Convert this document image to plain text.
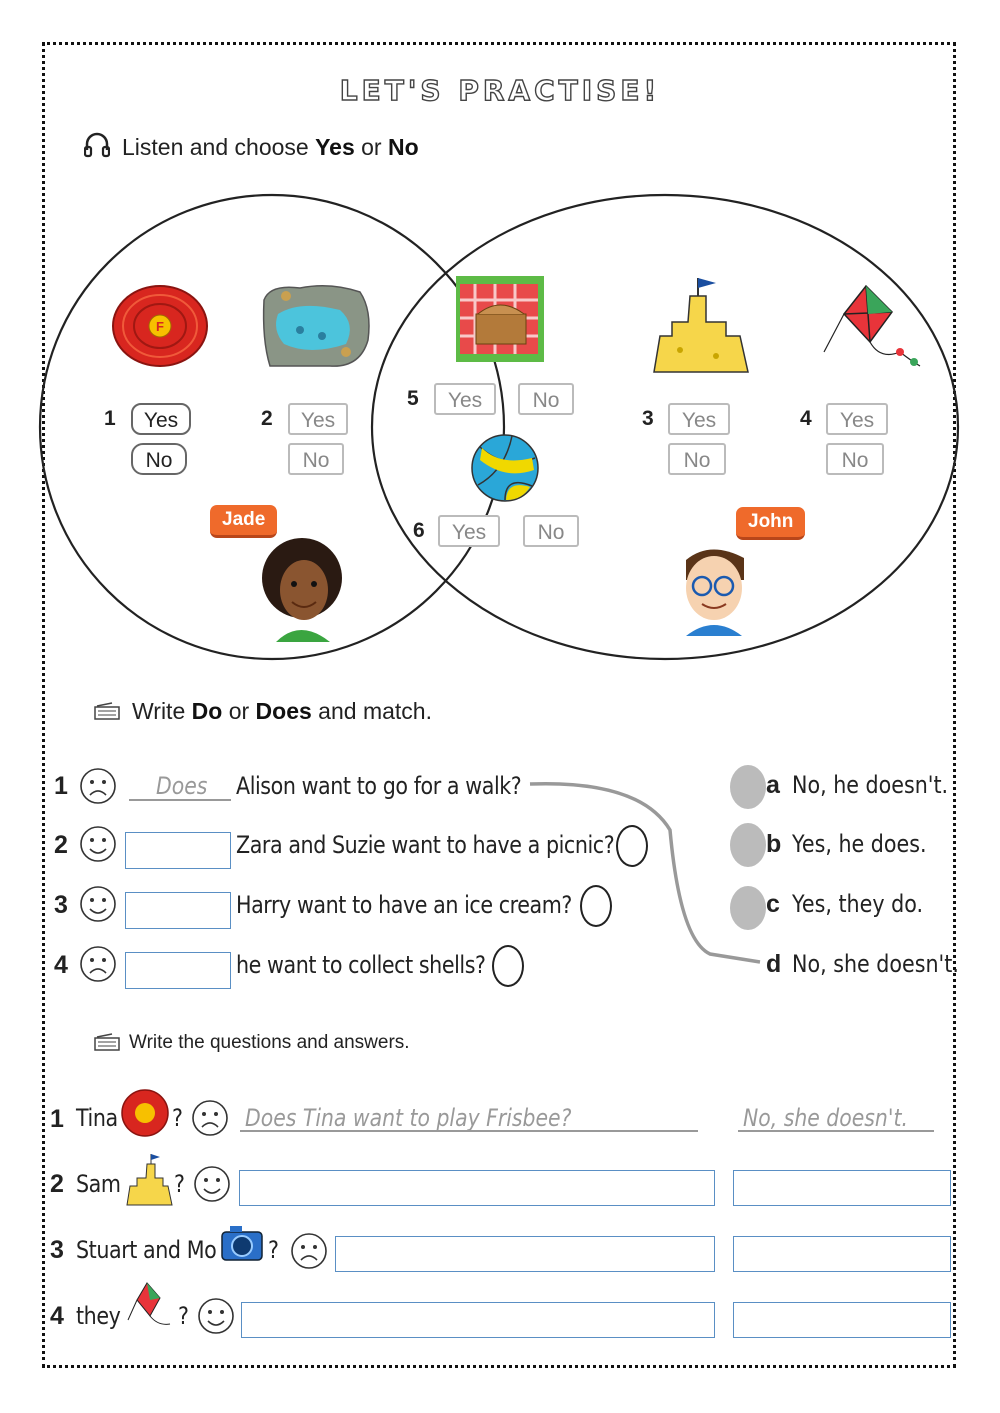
LET'S PRACTISE!
Listen and choose Yes or No
F
Jade	John
1	Yes
No
2	Yes
No
3	Yes
No
4	Yes
No
5	Yes	No
6	Yes	No
Write Do or Does and match.
1	Does Alison want to go for a walk?
2	Zara and Suzie want to have a picnic?
3	Harry want to have an ice cream?
4	he want to collect shells?
a No, he doesn't.
b Yes, he does.
c Yes, they do.
d No, she doesn't.
Write the questions and answers.
1 Tina ?	Does Tina want to play Frisbee?	No, she doesn't.
2 Sam ?
3 Stuart and Mo ?
4 they ?
